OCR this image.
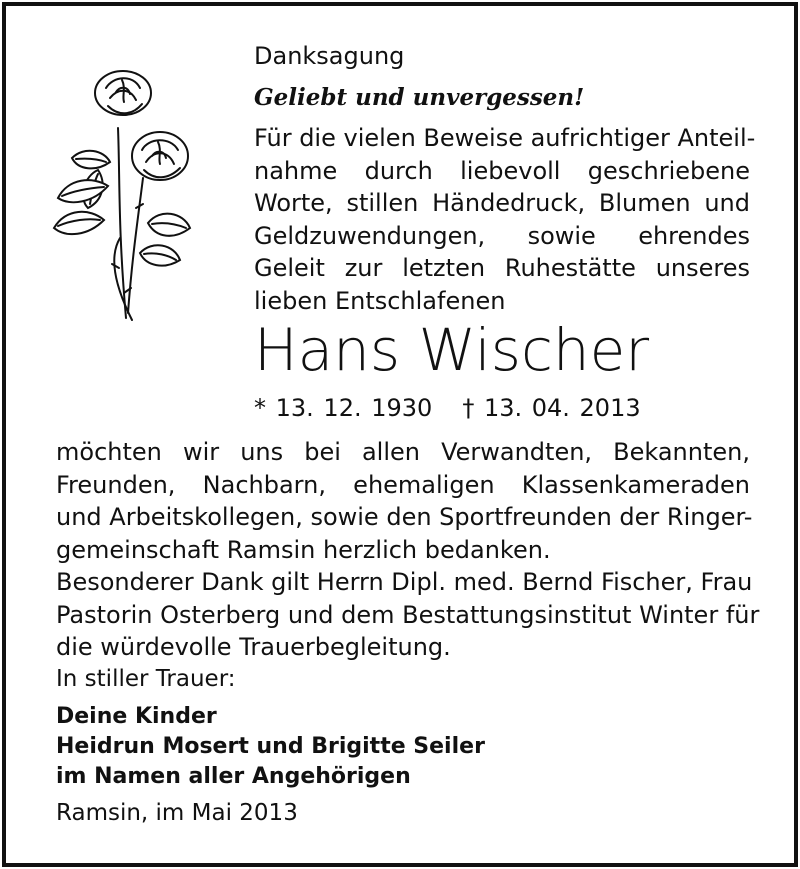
Danksagung
Geliebt und unvergessen!
Für die vielen Beweise aufrichtiger Anteil-
nahme durch liebevoll geschriebene
Worte, stillen Händedruck, Blumen und
Geldzuwendungen, sowie ehrendes
Geleit zur letzten Ruhestätte unseres
lieben Entschlafenen
Hans Wischer
* 13. 12. 1930 † 13. 04. 2013
möchten wir uns bei allen Verwandten, Bekannten,
Freunden, Nachbarn, ehemaligen Klassenkameraden
und Arbeitskollegen, sowie den Sportfreunden der Ringer-
gemeinschaft Ramsin herzlich bedanken.
Besonderer Dank gilt Herrn Dipl. med. Bernd Fischer, Frau
Pastorin Osterberg und dem Bestattungsinstitut Winter für
die würdevolle Trauerbegleitung.
In stiller Trauer:
Deine Kinder
Heidrun Mosert und Brigitte Seiler
im Namen aller Angehörigen
Ramsin, im Mai 2013
